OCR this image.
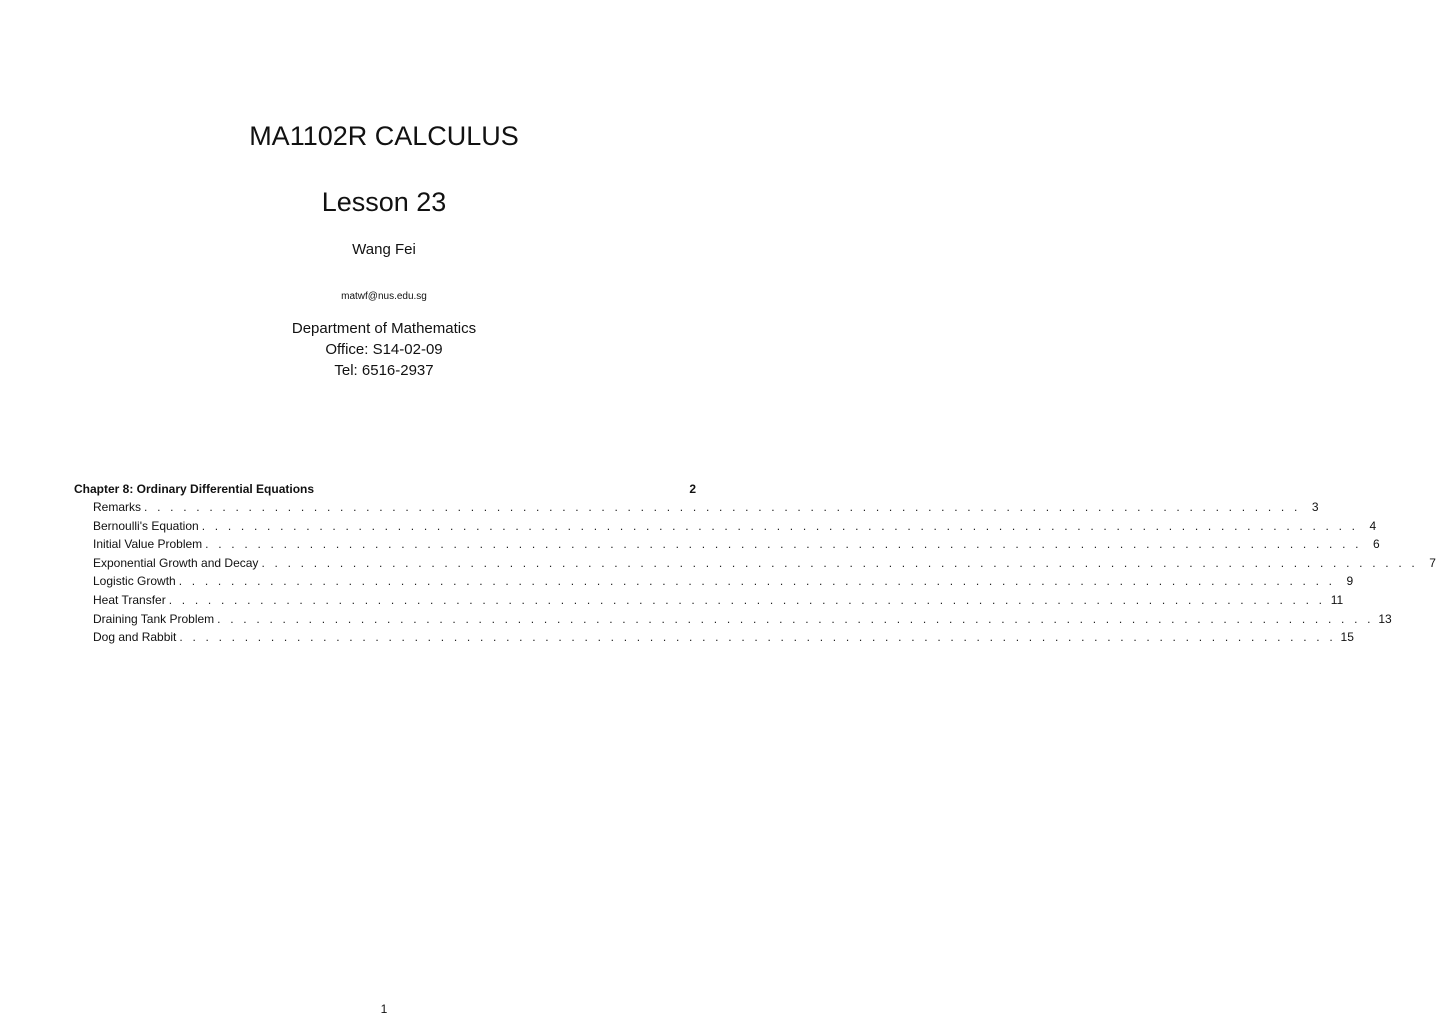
MA1102R CALCULUS
Lesson 23
Wang Fei
matwf@nus.edu.sg
Department of Mathematics
Office: S14-02-09
Tel: 6516-2937
Chapter 8: Ordinary Differential Equations	2
Remarks . . . . . . . . . . . . . . . . . . . . . . . . . . . . . . . . . . . . . . . . . . . . . . . . . . . . . . . . . . . . . . . . . . . . . . . . . . . . . . . . . . . . . . . . . 3
Bernoulli's Equation . . . . . . . . . . . . . . . . . . . . . . . . . . . . . . . . . . . . . . . . . . . . . . . . . . . . . . . . . . . . . . . . . . . . . . . . . . . . . . . . . . . . . . . . . 4
Initial Value Problem . . . . . . . . . . . . . . . . . . . . . . . . . . . . . . . . . . . . . . . . . . . . . . . . . . . . . . . . . . . . . . . . . . . . . . . . . . . . . . . . . . . . . . . . . 6
Exponential Growth and Decay . . . . . . . . . . . . . . . . . . . . . . . . . . . . . . . . . . . . . . . . . . . . . . . . . . . . . . . . . . . . . . . . . . . . . . . . . . . . . . . . . . . . . . . . . 7
Logistic Growth . . . . . . . . . . . . . . . . . . . . . . . . . . . . . . . . . . . . . . . . . . . . . . . . . . . . . . . . . . . . . . . . . . . . . . . . . . . . . . . . . . . . . . . . . 9
Heat Transfer . . . . . . . . . . . . . . . . . . . . . . . . . . . . . . . . . . . . . . . . . . . . . . . . . . . . . . . . . . . . . . . . . . . . . . . . . . . . . . . . . . . . . . . . . 11
Draining Tank Problem . . . . . . . . . . . . . . . . . . . . . . . . . . . . . . . . . . . . . . . . . . . . . . . . . . . . . . . . . . . . . . . . . . . . . . . . . . . . . . . . . . . . . . . . . 13
Dog and Rabbit . . . . . . . . . . . . . . . . . . . . . . . . . . . . . . . . . . . . . . . . . . . . . . . . . . . . . . . . . . . . . . . . . . . . . . . . . . . . . . . . . . . . . . . . . 15
1
